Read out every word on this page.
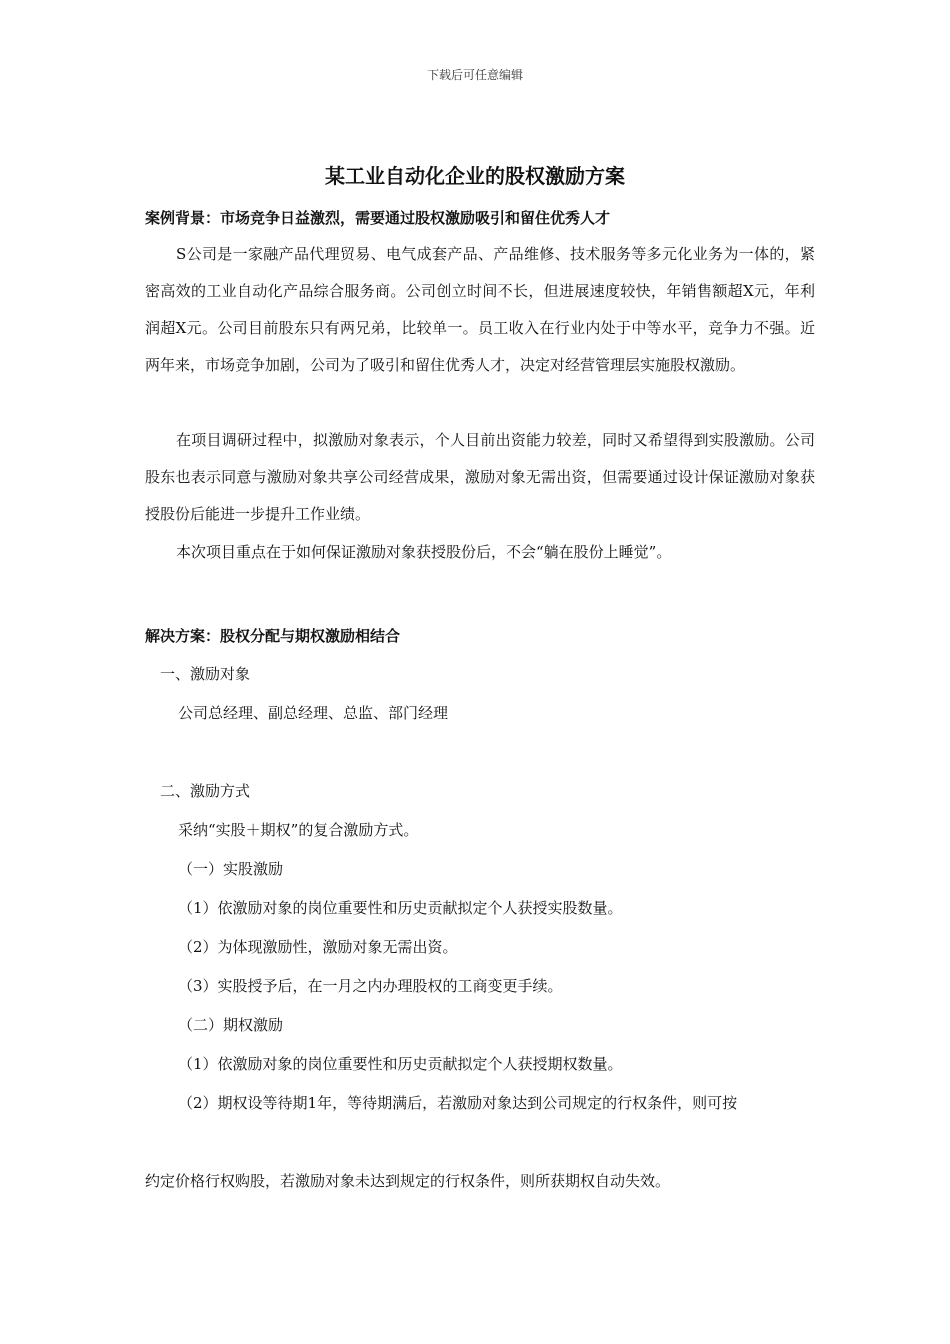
下载后可任意编辑
某工业自动化企业的股权激励方案
案例背景：市场竞争日益激烈，需要通过股权激励吸引和留住优秀人才

S公司是一家融产品代理贸易、电气成套产品、产品维修、技术服务等多元化业务为一体的，紧密高效的工业自动化产品综合服务商。公司创立时间不长，但进展速度较快，年销售额超X元，年利润超X元。公司目前股东只有两兄弟，比较单一。员工收入在行业内处于中等水平，竞争力不强。近两年来，市场竞争加剧，公司为了吸引和留住优秀人才，决定对经营管理层实施股权激励。

在项目调研过程中，拟激励对象表示，个人目前出资能力较差，同时又希望得到实股激励。公司股东也表示同意与激励对象共享公司经营成果，激励对象无需出资，但需要通过设计保证激励对象获授股份后能进一步提升工作业绩。

本次项目重点在于如何保证激励对象获授股份后，不会“躺在股份上睡觉”。

解决方案：股权分配与期权激励相结合

一、激励对象

公司总经理、副总经理、总监、部门经理

二、激励方式

采纳“实股＋期权”的复合激励方式。

（一）实股激励

（1）依激励对象的岗位重要性和历史贡献拟定个人获授实股数量。

（2）为体现激励性，激励对象无需出资。

（3）实股授予后，在一月之内办理股权的工商变更手续。

（二）期权激励

（1）依激励对象的岗位重要性和历史贡献拟定个人获授期权数量。

（2）期权设等待期1年，等待期满后，若激励对象达到公司规定的行权条件，则可按

约定价格行权购股，若激励对象未达到规定的行权条件，则所获期权自动失效。
